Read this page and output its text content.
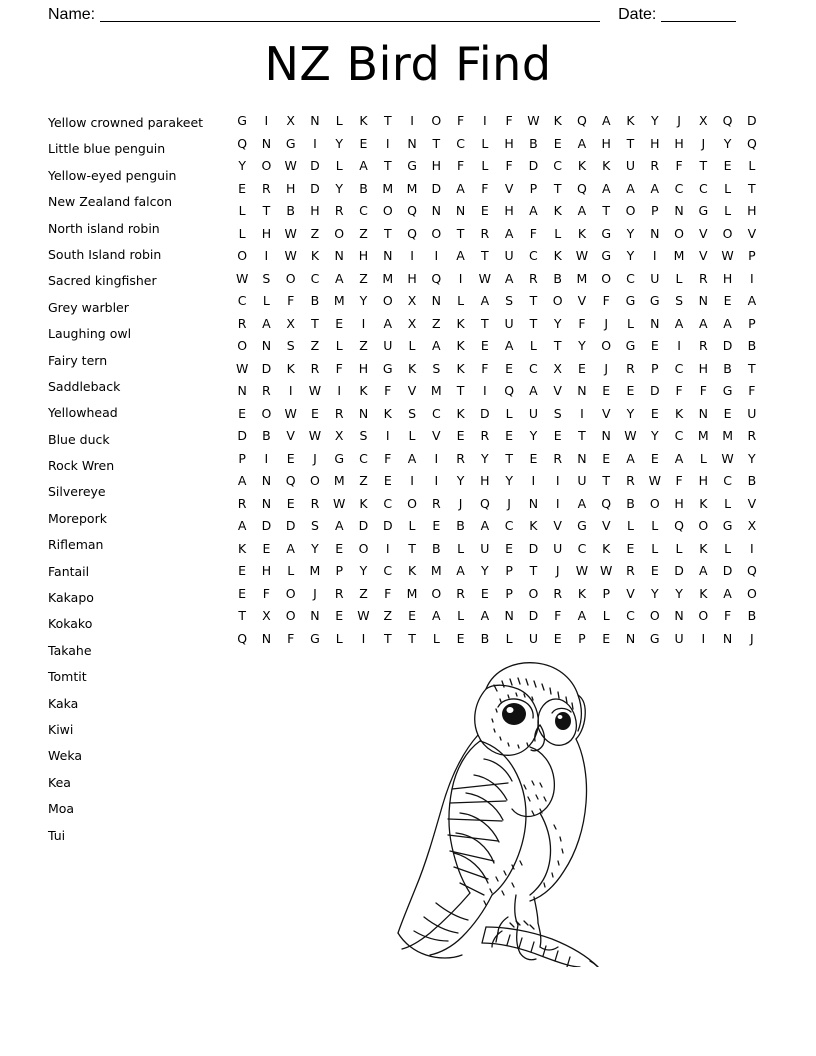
Name:	Date:
NZ Bird Find
Yellow crowned parakeet
Little blue penguin
Yellow-eyed penguin
New Zealand falcon
North island robin
South Island robin
Sacred kingfisher
Grey warbler
Laughing owl
Fairy tern
Saddleback
Yellowhead
Blue duck
Rock Wren
Silvereye
Morepork
Rifleman
Fantail
Kakapo
Kokako
Takahe
Tomtit
Kaka
Kiwi
Weka
Kea
Moa
Tui
G	I	X	N	L	K	T	I	O	F	I	F	W	K	Q	A	K	Y	J	X	Q	D
Q	N	G	I	Y	E	I	N	T	C	L	H	B	E	A	H	T	H	H	J	Y	Q
Y	O	W	D	L	A	T	G	H	F	L	F	D	C	K	K	U	R	F	T	E	L
E	R	H	D	Y	B	M	M	D	A	F	V	P	T	Q	A	A	A	C	C	L	T
L	T	B	H	R	C	O	Q	N	N	E	H	A	K	A	T	O	P	N	G	L	H
L	H	W	Z	O	Z	T	Q	O	T	R	A	F	L	K	G	Y	N	O	V	O	V
O	I	W	K	N	H	N	I	I	A	T	U	C	K	W	G	Y	I	M	V	W	P
W	S	O	C	A	Z	M	H	Q	I	W	A	R	B	M	O	C	U	L	R	H	I
C	L	F	B	M	Y	O	X	N	L	A	S	T	O	V	F	G	G	S	N	E	A
R	A	X	T	E	I	A	X	Z	K	T	U	T	Y	F	J	L	N	A	A	A	P
O	N	S	Z	L	Z	U	L	A	K	E	A	L	T	Y	O	G	E	I	R	D	B
W	D	K	R	F	H	G	K	S	K	F	E	C	X	E	J	R	P	C	H	B	T
N	R	I	W	I	K	F	V	M	T	I	Q	A	V	N	E	E	D	F	F	G	F
E	O	W	E	R	N	K	S	C	K	D	L	U	S	I	V	Y	E	K	N	E	U
D	B	V	W	X	S	I	L	V	E	R	E	Y	E	T	N	W	Y	C	M	M	R
P	I	E	J	G	C	F	A	I	R	Y	T	E	R	N	E	A	E	A	L	W	Y
A	N	Q	O	M	Z	E	I	I	Y	H	Y	I	I	U	T	R	W	F	H	C	B
R	N	E	R	W	K	C	O	R	J	Q	J	N	I	A	Q	B	O	H	K	L	V
A	D	D	S	A	D	D	L	E	B	A	C	K	V	G	V	L	L	Q	O	G	X
K	E	A	Y	E	O	I	T	B	L	U	E	D	U	C	K	E	L	L	K	L	I
E	H	L	M	P	Y	C	K	M	A	Y	P	T	J	W W	R	E	D	A	D	Q
E	F	O	J	R	Z	F	M	O	R	E	P	O	R	K	P	V	Y	Y	K	A	O
T	X	O	N	E	W	Z	E	A	L	A	N	D	F	A	L	C	O	N	O	F	B
Q	N	F	G	L	I	T	T	L	E	B	L	U	E	P	E	N	G	U	I	N	J
